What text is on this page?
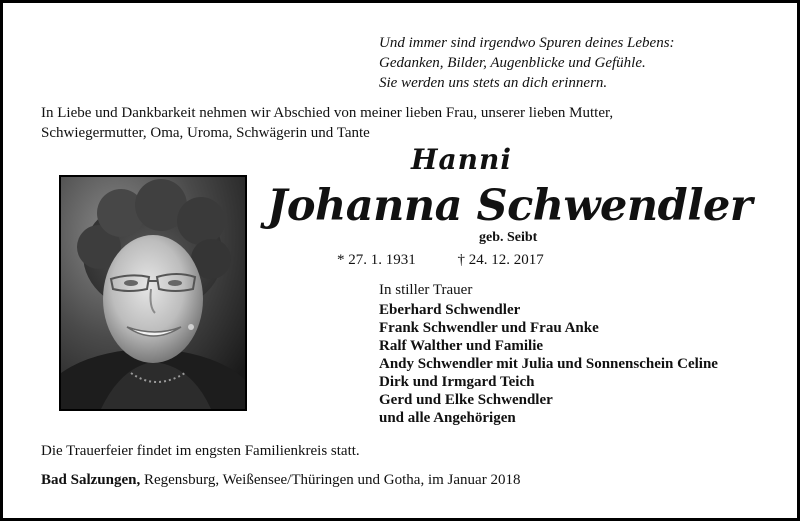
Und immer sind irgendwo Spuren deines Lebens:
Gedanken, Bilder, Augenblicke und Gefühle.
Sie werden uns stets an dich erinnern.
In Liebe und Dankbarkeit nehmen wir Abschied von meiner lieben Frau, unserer lieben Mutter,
Schwiegermutter, Oma, Uroma, Schwägerin und Tante
Hanni
Johanna Schwendler
geb. Seibt
* 27. 1. 1931	† 24. 12. 2017
In stiller Trauer
Eberhard Schwendler
Frank Schwendler und Frau Anke
Ralf Walther und Familie
Andy Schwendler mit Julia und Sonnenschein Celine
Dirk und Irmgard Teich
Gerd und Elke Schwendler
und alle Angehörigen
Die Trauerfeier findet im engsten Familienkreis statt.
Bad Salzungen, Regensburg, Weißensee/Thüringen und Gotha, im Januar 2018
